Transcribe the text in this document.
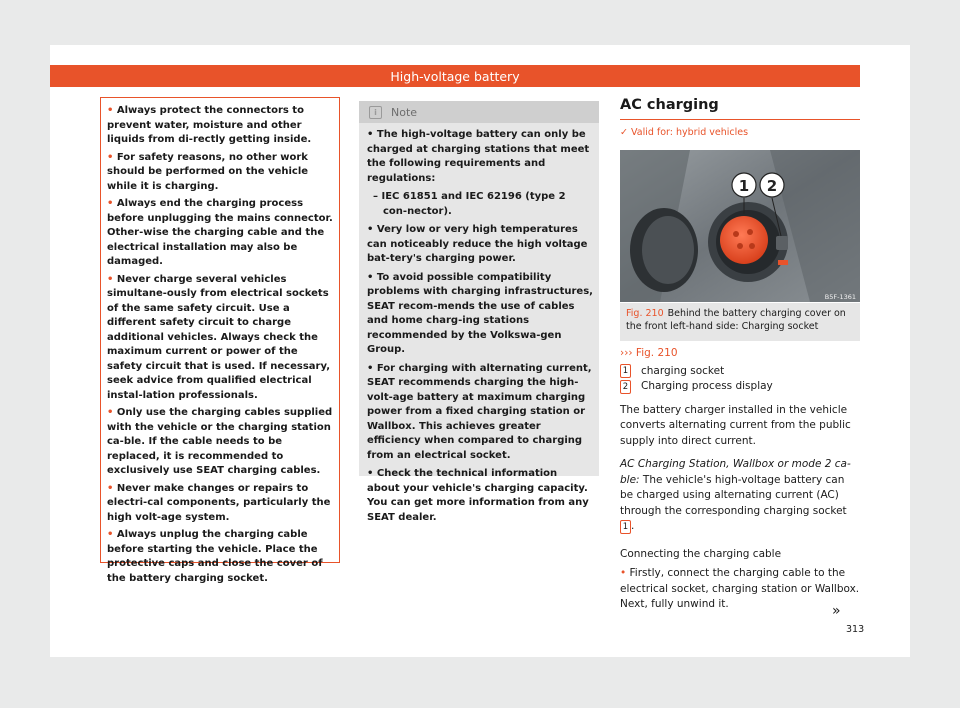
High-voltage battery

• Always protect the connectors to prevent water, moisture and other liquids from di-rectly getting inside.

• For safety reasons, no other work should be performed on the vehicle while it is charging.

• Always end the charging process before unplugging the mains connector. Other-wise the charging cable and the electrical installation may also be damaged.

• Never charge several vehicles simultane-ously from electrical sockets of the same safety circuit. Use a different safety circuit to charge additional vehicles. Always check the maximum current or power of the safety circuit that is used. If necessary, seek advice from qualified electrical instal-lation professionals.

• Only use the charging cables supplied with the vehicle or the charging station ca-ble. If the cable needs to be replaced, it is recommended to exclusively use SEAT charging cables.

• Never make changes or repairs to electri-cal components, particularly the high volt-age system.

• Always unplug the charging cable before starting the vehicle. Place the protective caps and close the cover of the battery charging socket.

i	Note

• The high-voltage battery can only be charged at charging stations that meet the following requirements and regulations:

– IEC 61851 and IEC 62196 (type 2 con-nector).

• Very low or very high temperatures can noticeably reduce the high voltage bat-tery's charging power.

• To avoid possible compatibility problems with charging infrastructures, SEAT recom-mends the use of cables and home charg-ing stations recommended by the Volkswa-gen Group.

• For charging with alternating current, SEAT recommends charging the high-volt-age battery at maximum charging power from a fixed charging station or Wallbox. This achieves greater efficiency when compared to charging from an electrical socket.

• Check the technical information about your vehicle's charging capacity. You can get more information from any SEAT dealer.

AC charging
✓ Valid for: hybrid vehicles
1 2
B5F-1361
Fig. 210 Behind the battery charging cover on the front left-hand side: Charging socket

››› Fig. 210

1 charging socket
2 Charging process display

The battery charger installed in the vehicle converts alternating current from the public supply into direct current.

AC Charging Station, Wallbox or mode 2 ca-ble: The vehicle's high-voltage battery can be charged using alternating current (AC) through the corresponding charging socket 1 .

Connecting the charging cable

• Firstly, connect the charging cable to the electrical socket, charging station or Wallbox. Next, fully unwind it.	»
313
